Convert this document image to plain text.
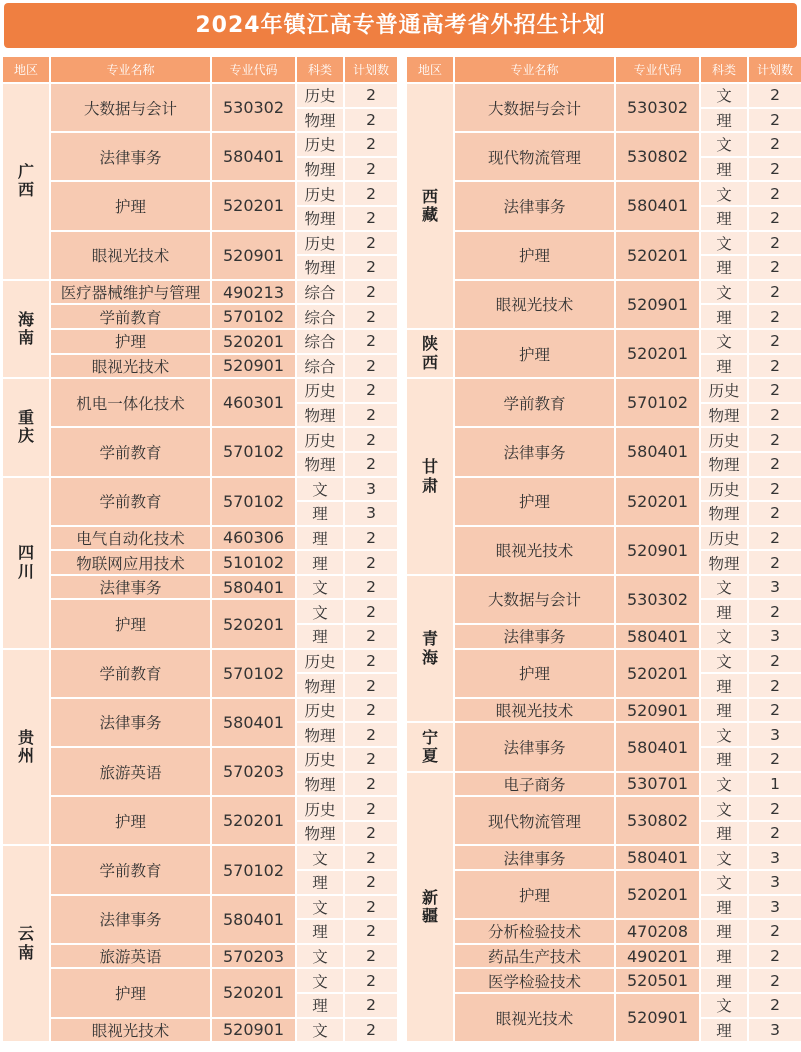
2024年镇江高专普通高考省外招生计划
地区	专业名称	专业代码	科类	计划数

广
西	大数据与会计	530302	历史	2
			物理	2
	法律事务	580401	历史	2
			物理	2
	护理	520201	历史	2
			物理	2
	眼视光技术	520901	历史	2
			物理	2

海
南	医疗器械维护与管理	490213	综合	2
	学前教育	570102	综合	2
	护理	520201	综合	2
	眼视光技术	520901	综合	2

重
庆	机电一体化技术	460301	历史	2
			物理	2
	学前教育	570102	历史	2
			物理	2

四
川	学前教育	570102	文	3
			理	3
	电气自动化技术	460306	理	2
	物联网应用技术	510102	理	2
	法律事务	580401	文	2
	护理	520201	文	2
			理	2

贵
州	学前教育	570102	历史	2
			物理	2
	法律事务	580401	历史	2
			物理	2
	旅游英语	570203	历史	2
			物理	2
	护理	520201	历史	2
			物理	2

云
南	学前教育	570102	文	2
			理	2
	法律事务	580401	文	2
			理	2
	旅游英语	570203	文	2
	护理	520201	文	2
			理	2
	眼视光技术	520901	文	2
地区	专业名称	专业代码	科类	计划数

西
藏	大数据与会计	530302	文	2
			理	2
	现代物流管理	530802	文	2
			理	2
	法律事务	580401	文	2
			理	2
	护理	520201	文	2
			理	2
	眼视光技术	520901	文	2
			理	2

陕
西	护理	520201	文	2
			理	2

甘
肃	学前教育	570102	历史	2
			物理	2
	法律事务	580401	历史	2
			物理	2
	护理	520201	历史	2
			物理	2
	眼视光技术	520901	历史	2
			物理	2

青
海	大数据与会计	530302	文	3
			理	2
	法律事务	580401	文	3
	护理	520201	文	2
			理	2
	眼视光技术	520901	理	2

宁
夏	法律事务	580401	文	3
			理	2

新
疆	电子商务	530701	文	1
	现代物流管理	530802	文	2
			理	2
	法律事务	580401	文	3
	护理	520201	文	3
			理	3
	分析检验技术	470208	理	2
	药品生产技术	490201	理	2
	医学检验技术	520501	理	2
	眼视光技术	520901	文	2
			理	3
